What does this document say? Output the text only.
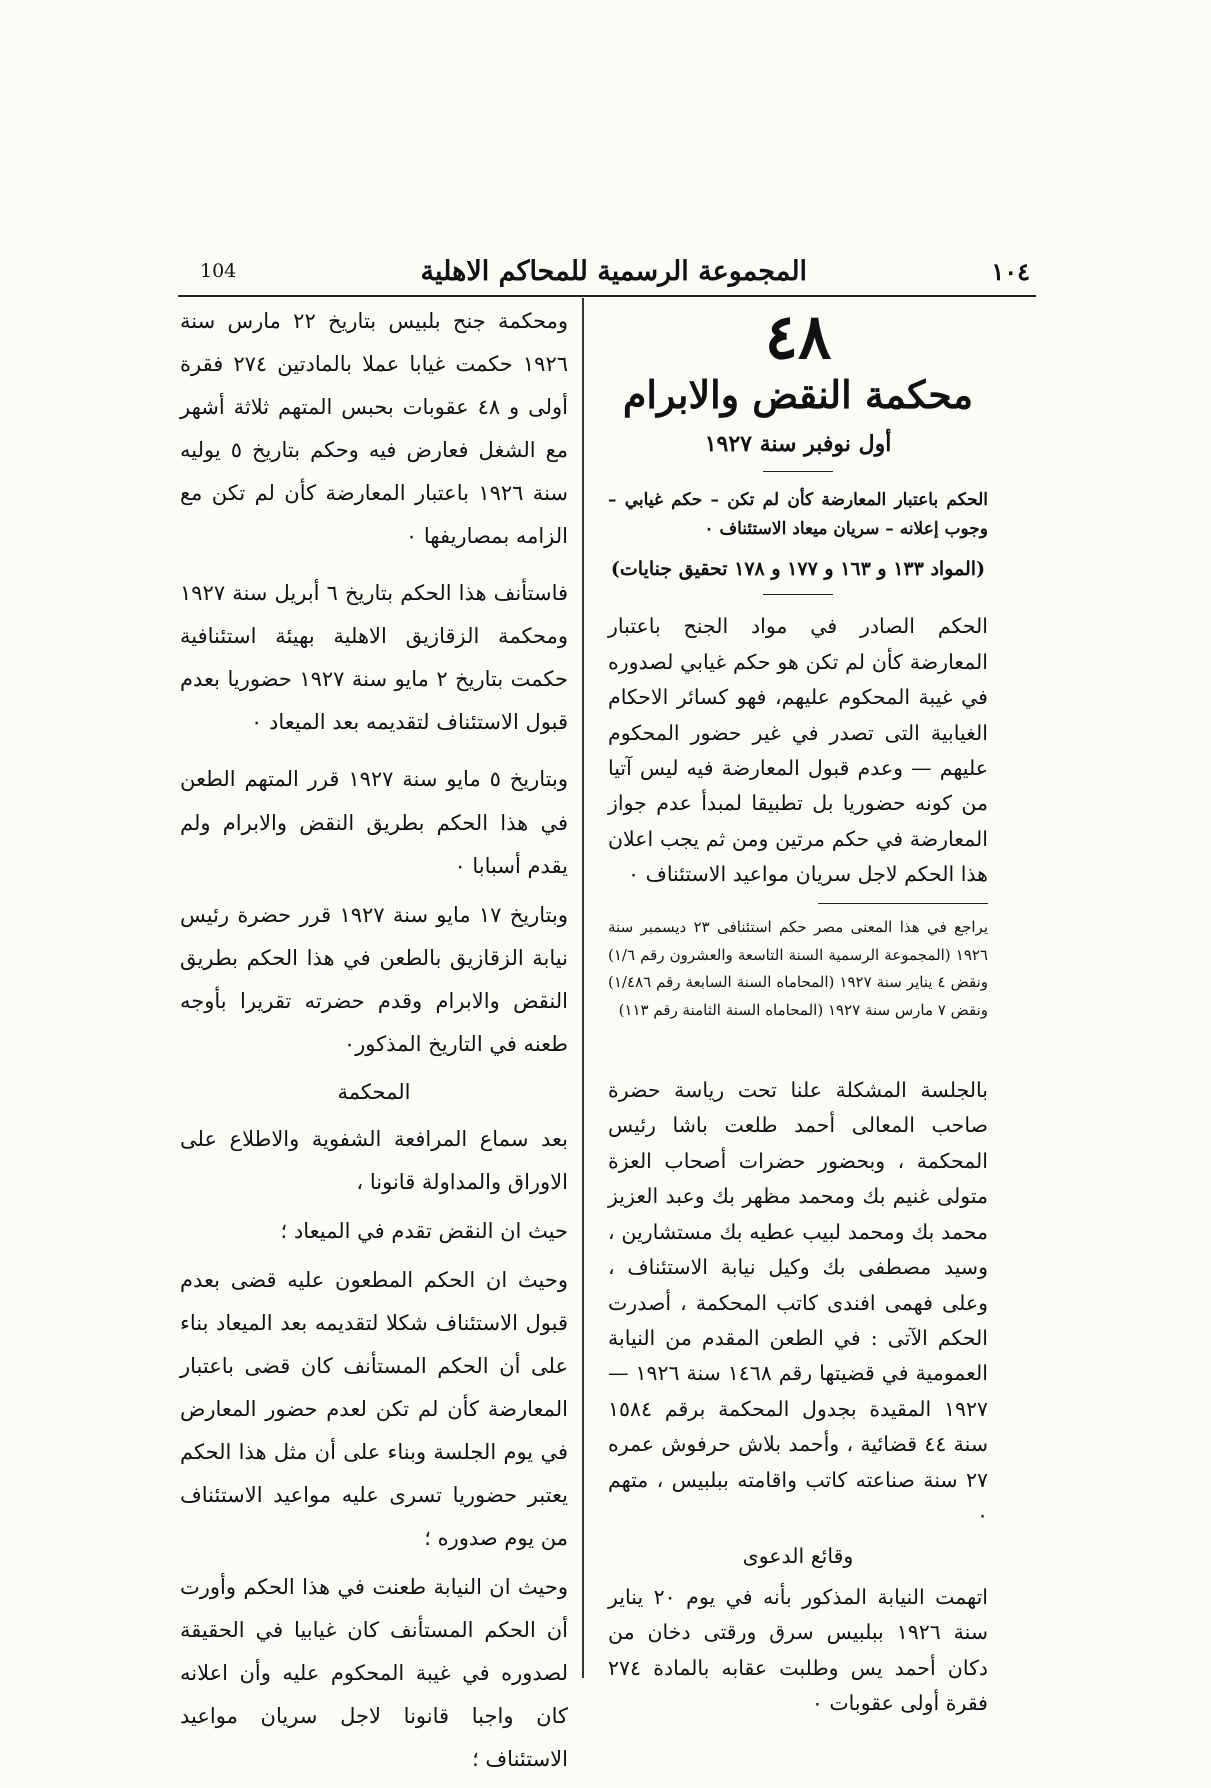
104	المجموعة الرسمية للمحاكم الاهلية	١٠٤
٤٨
محكمة النقض والابرام
أول نوفبر سنة ١٩٢٧

الحكم باعتبار المعارضة كأن لم تكن – حكم غيابي – وجوب إعلانه – سريان ميعاد الاستئناف ٠

(المواد ١٣٣ و ١٦٣ و ١٧٧ و ١٧٨ تحقيق جنايات)

الحكم الصادر في مواد الجنح باعتبار المعارضة كأن لم تكن هو حكم غيابي لصدوره في غيبة المحكوم عليهم، فهو كسائر الاحكام الغيابية التى تصدر في غير حضور المحكوم عليهم — وعدم قبول المعارضة فيه ليس آتيا من كونه حضوريا بل تطبيقا لمبدأ عدم جواز المعارضة في حكم مرتين ومن ثم يجب اعلان هذا الحكم لاجل سريان مواعيد الاستئناف ٠

يراجع في هذا المعنى مصر حكم استئنافى ٢٣ ديسمبر سنة ١٩٢٦ (المجموعة الرسمية السنة التاسعة والعشرون رقم ١/٦) ونقض ٤ يناير سنة ١٩٢٧ (المحاماه السنة السابعة رقم ١/٤٨٦) ونقض ٧ مارس سنة ١٩٢٧ (المحاماه السنة الثامنة رقم ١١٣)

بالجلسة المشكلة علنا تحت رياسة حضرة صاحب المعالى أحمد طلعت باشا رئيس المحكمة ، وبحضور حضرات أصحاب العزة متولى غنيم بك ومحمد مظهر بك وعبد العزيز محمد بك ومحمد لبيب عطيه بك مستشارين ، وسيد مصطفى بك وكيل نيابة الاستئناف ، وعلى فهمى افندى كاتب المحكمة ، أصدرت الحكم الآتى : في الطعن المقدم من النيابة العمومية في قضيتها رقم ١٤٦٨ سنة ١٩٢٦ — ١٩٢٧ المقيدة بجدول المحكمة برقم ١٥٨٤ سنة ٤٤ قضائية ، وأحمد بلاش حرفوش عمره ٢٧ سنة صناعته كاتب واقامته ببلبيس ، متهم ٠

وقائع الدعوى

اتهمت النيابة المذكور بأنه في يوم ٢٠ يناير سنة ١٩٢٦ ببلبيس سرق ورقتى دخان من دكان أحمد يس وطلبت عقابه بالمادة ٢٧٤ فقرة أولى عقوبات ٠

ومحكمة جنح بلبيس بتاريخ ٢٢ مارس سنة ١٩٢٦ حكمت غيابا عملا بالمادتين ٢٧٤ فقرة أولى و ٤٨ عقوبات بحبس المتهم ثلاثة أشهر مع الشغل فعارض فيه وحكم بتاريخ ٥ يوليه سنة ١٩٢٦ باعتبار المعارضة كأن لم تكن مع الزامه بمصاريفها ٠

فاستأنف هذا الحكم بتاريخ ٦ أبريل سنة ١٩٢٧ ومحكمة الزقازيق الاهلية بهيئة استئنافية حكمت بتاريخ ٢ مايو سنة ١٩٢٧ حضوريا بعدم قبول الاستئناف لتقديمه بعد الميعاد ٠

وبتاريخ ٥ مايو سنة ١٩٢٧ قرر المتهم الطعن في هذا الحكم بطريق النقض والابرام ولم يقدم أسبابا ٠

وبتاريخ ١٧ مايو سنة ١٩٢٧ قرر حضرة رئيس نيابة الزقازيق بالطعن في هذا الحكم بطريق النقض والابرام وقدم حضرته تقريرا بأوجه طعنه في التاريخ المذكور٠

المحكمة

بعد سماع المرافعة الشفوية والاطلاع على الاوراق والمداولة قانونا ،

حيث ان النقض تقدم في الميعاد ؛

وحيث ان الحكم المطعون عليه قضى بعدم قبول الاستئناف شكلا لتقديمه بعد الميعاد بناء على أن الحكم المستأنف كان قضى باعتبار المعارضة كأن لم تكن لعدم حضور المعارض في يوم الجلسة وبناء على أن مثل هذا الحكم يعتبر حضوريا تسرى عليه مواعيد الاستئناف من يوم صدوره ؛

وحيث ان النيابة طعنت في هذا الحكم وأورت أن الحكم المستأنف كان غيابيا في الحقيقة لصدوره في غيبة المحكوم عليه وأن اعلانه كان واجبا قانونا لاجل سريان مواعيد الاستئناف ؛
